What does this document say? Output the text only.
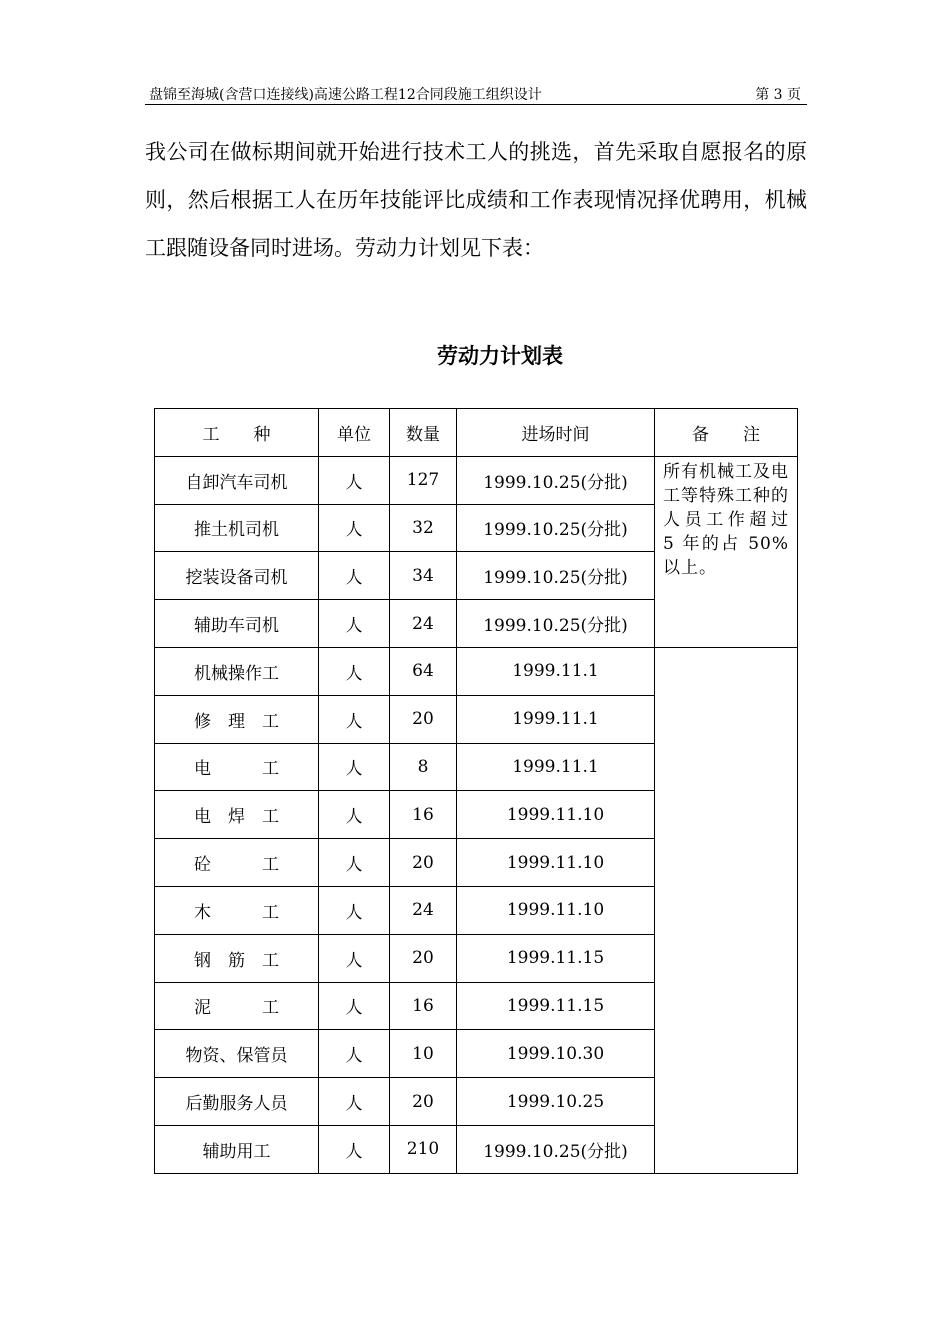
盘锦至海城(含营口连接线)高速公路工程12合同段施工组织设计	第 3 页

我公司在做标期间就开始进行技术工人的挑选，首先采取自愿报名的原则，然后根据工人在历年技能评比成绩和工作表现情况择优聘用，机械工跟随设备同时进场。劳动力计划见下表：

劳动力计划表
工　　种	单位	数量	进场时间	备　　注
自卸汽车司机	人	127	1999.10.25(分批)	所有机械工及电工等特殊工种的人员工作超过 5 年的占 50%以上。
推土机司机	人	32	1999.10.25(分批)	
挖装设备司机	人	34	1999.10.25(分批)	
辅助车司机	人	24	1999.10.25(分批)	
机械操作工	人	64	1999.11.1	
修　理　工	人	20	1999.11.1	
电　　　工	人	8	1999.11.1	
电　焊　工	人	16	1999.11.10	
砼　　　工	人	20	1999.11.10	
木　　　工	人	24	1999.11.10	
钢　筋　工	人	20	1999.11.15	
泥　　　工	人	16	1999.11.15	
物资、保管员	人	10	1999.10.30	
后勤服务人员	人	20	1999.10.25	
辅助用工	人	210	1999.10.25(分批)	
